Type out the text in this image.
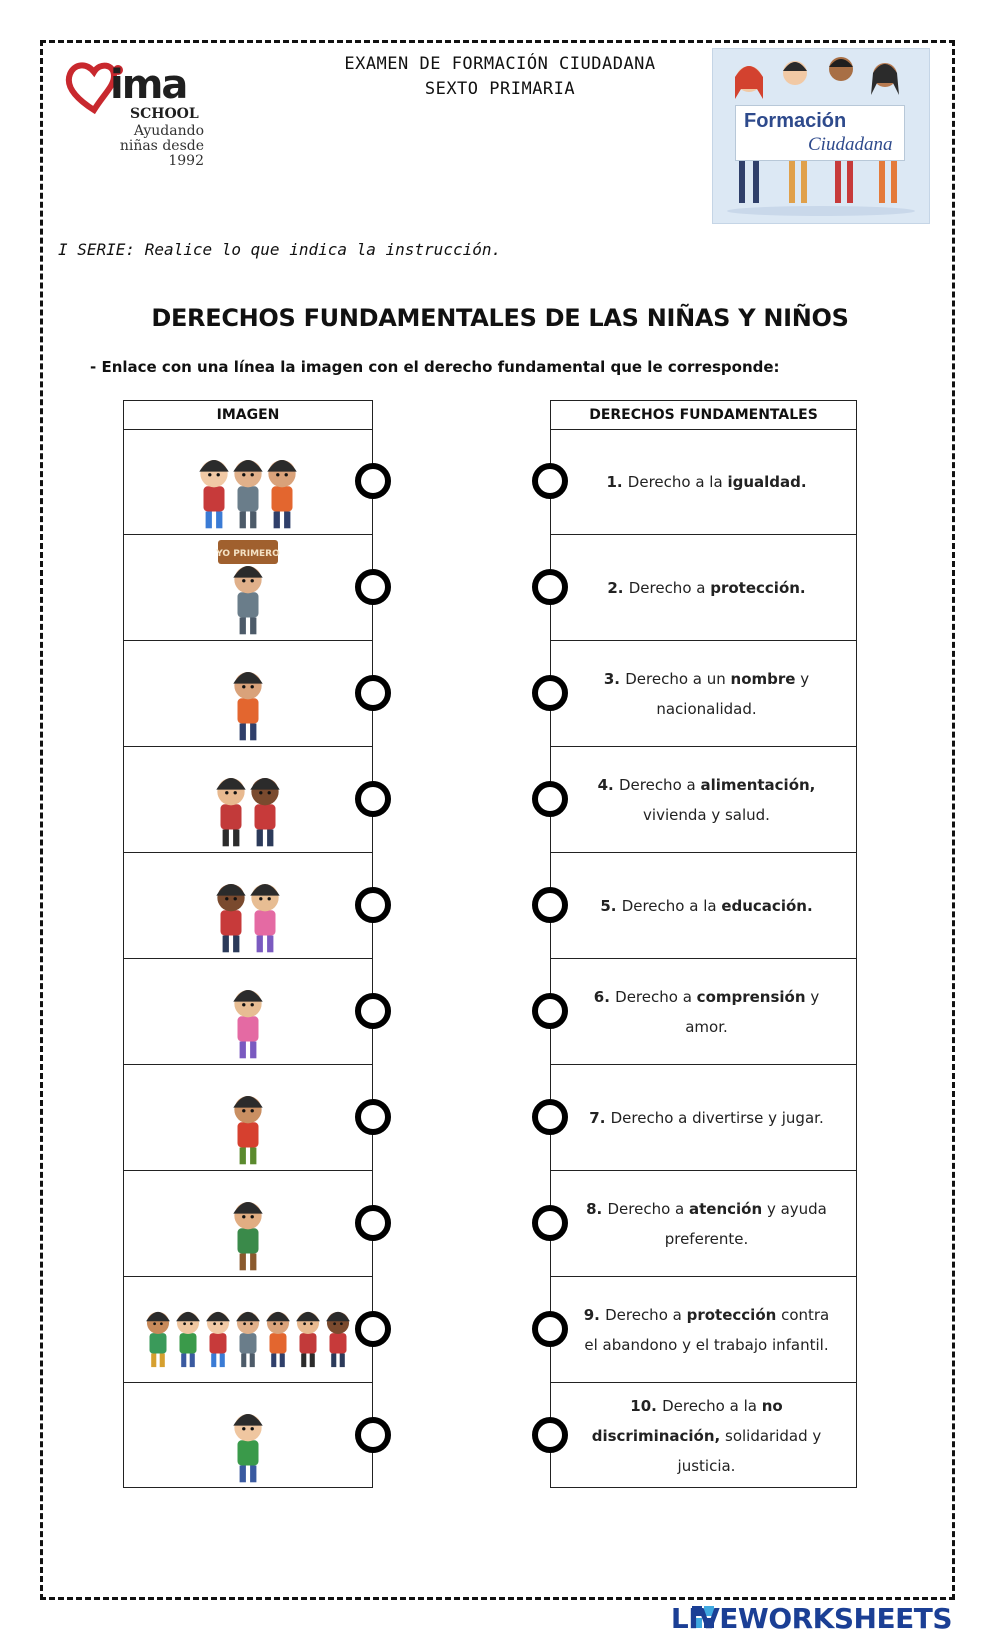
ima
SCHOOL
Ayudando
niñas desde
1992
EXAMEN DE FORMACIÓN CIUDADANA
SEXTO PRIMARIA
Formación
Ciudadana
I SERIE: Realice lo que indica la instrucción.
DERECHOS FUNDAMENTALES DE LAS NIÑAS Y NIÑOS
- Enlace con una línea la imagen con el derecho fundamental que le corresponde:
IMAGEN
YO PRIMERO
DERECHOS FUNDAMENTALES
1. Derecho a la igualdad.
2. Derecho a protección.
3. Derecho a un nombre y nacionalidad.
4. Derecho a alimentación, vivienda y salud.
5. Derecho a la educación.
6. Derecho a comprensión y amor.
7. Derecho a divertirse y jugar.
8. Derecho a atención y ayuda preferente.
9. Derecho a protección contra el abandono y el trabajo infantil.
10. Derecho a la no discriminación, solidaridad y justicia.
LIVEWORKSHEETS
